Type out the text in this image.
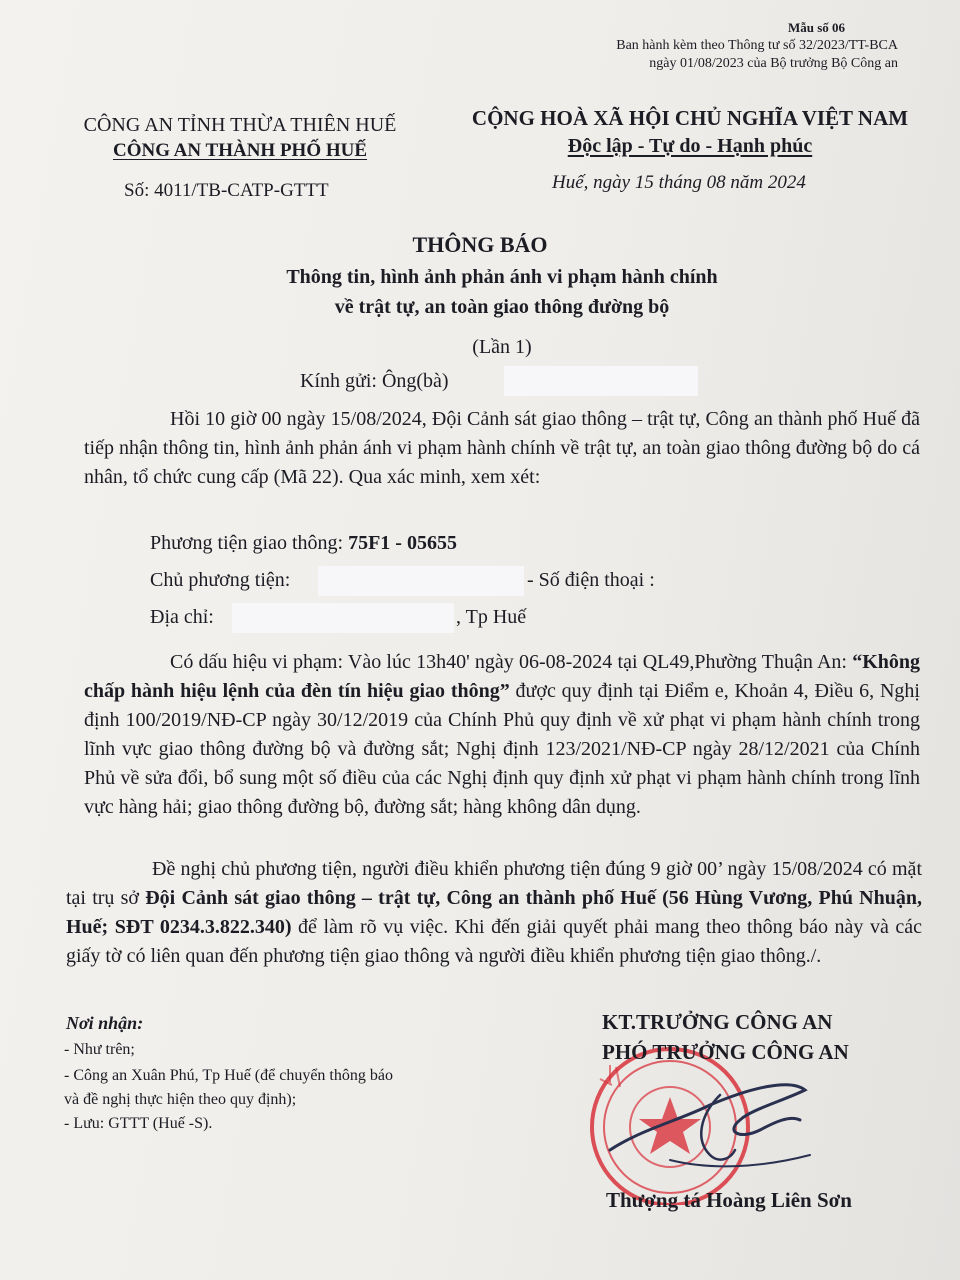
Mẫu số 06
Ban hành kèm theo Thông tư số 32/2023/TT-BCA
ngày 01/08/2023 của Bộ trưởng Bộ Công an
CÔNG AN TỈNH THỪA THIÊN HUẾ
CÔNG AN THÀNH PHỐ HUẾ
CỘNG HOÀ XÃ HỘI CHỦ NGHĨA VIỆT NAM
Độc lập - Tự do - Hạnh phúc
Số: 4011/TB-CATP-GTTT	Huế, ngày 15 tháng 08 năm 2024
THÔNG BÁO
Thông tin, hình ảnh phản ánh vi phạm hành chính
về trật tự, an toàn giao thông đường bộ
(Lần 1)
Kính gửi: Ông(bà)
Hồi 10 giờ 00 ngày 15/08/2024, Đội Cảnh sát giao thông – trật tự, Công an thành phố Huế đã tiếp nhận thông tin, hình ảnh phản ánh vi phạm hành chính về trật tự, an toàn giao thông đường bộ do cá nhân, tổ chức cung cấp (Mã 22). Qua xác minh, xem xét:
Phương tiện giao thông: 75F1 - 05655
Chủ phương tiện:	- Số điện thoại :
Địa chỉ:	, Tp Huế
Có dấu hiệu vi phạm: Vào lúc 13h40' ngày 06-08-2024 tại QL49,Phường Thuận An: “Không chấp hành hiệu lệnh của đèn tín hiệu giao thông” được quy định tại Điểm e, Khoản 4, Điều 6, Nghị định 100/2019/NĐ-CP ngày 30/12/2019 của Chính Phủ quy định về xử phạt vi phạm hành chính trong lĩnh vực giao thông đường bộ và đường sắt; Nghị định 123/2021/NĐ-CP ngày 28/12/2021 của Chính Phủ về sửa đổi, bổ sung một số điều của các Nghị định quy định xử phạt vi phạm hành chính trong lĩnh vực hàng hải; giao thông đường bộ, đường sắt; hàng không dân dụng.
Đề nghị chủ phương tiện, người điều khiển phương tiện đúng 9 giờ 00’ ngày 15/08/2024 có mặt tại trụ sở Đội Cảnh sát giao thông – trật tự, Công an thành phố Huế (56 Hùng Vương, Phú Nhuận, Huế; SĐT 0234.3.822.340) để làm rõ vụ việc. Khi đến giải quyết phải mang theo thông báo này và các giấy tờ có liên quan đến phương tiện giao thông và người điều khiển phương tiện giao thông./.
Nơi nhận:
- Như trên;
- Công an Xuân Phú, Tp Huế (để chuyển thông báo
và đề nghị thực hiện theo quy định);
- Lưu: GTTT (Huế -S).
KT.TRƯỞNG CÔNG AN
PHÓ TRƯỞNG CÔNG AN
Thượng tá Hoàng Liên Sơn
